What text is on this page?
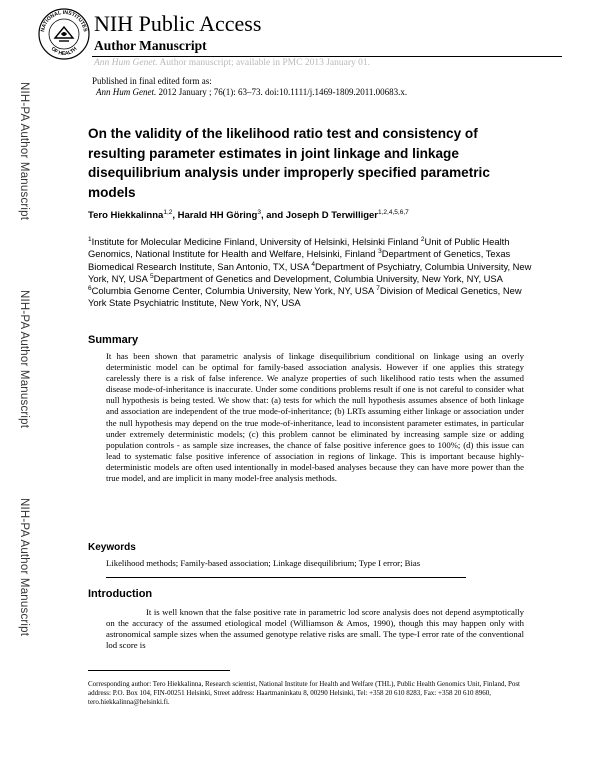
NATIONAL INSTITUTES
OF HEALTH
NIH Public Access
Author Manuscript
Ann Hum Genet. Author manuscript; available in PMC 2013 January 01.
Published in final edited form as:
Ann Hum Genet. 2012 January ; 76(1): 63–73. doi:10.1111/j.1469-1809.2011.00683.x.
NIH-PA Author Manuscript
NIH-PA Author Manuscript
NIH-PA Author Manuscript
On the validity of the likelihood ratio test and consistency of resulting parameter estimates in joint linkage and linkage disequilibrium analysis under improperly specified parametric models
Tero Hiekkalinna$^{1,2}$, Harald HH Göring$^3$, and Joseph D Terwilliger$^{1,2,4,5,6,7}$
$^1$Institute for Molecular Medicine Finland, University of Helsinki, Helsinki Finland $^2$Unit of Public Health Genomics, National Institute for Health and Welfare, Helsinki, Finland $^3$Department of Genetics, Texas Biomedical Research Institute, San Antonio, TX, USA $^4$Department of Psychiatry, Columbia University, New York, NY, USA $^5$Department of Genetics and Development, Columbia University, New York, NY, USA $^6$Columbia Genome Center, Columbia University, New York, NY, USA $^7$Division of Medical Genetics, New York State Psychiatric Institute, New York, NY, USA
Summary
It has been shown that parametric analysis of linkage disequilibrium conditional on linkage using an overly deterministic model can be optimal for family-based association analysis. However if one applies this strategy carelessly there is a risk of false inference. We analyze properties of such likelihood ratio tests when the assumed disease mode-of-inheritance is inaccurate. Under some conditions problems result if one is not careful to consider what null hypothesis is being tested. We show that: (a) tests for which the null hypothesis assumes absence of both linkage and association are independent of the true mode-of-inheritance; (b) LRTs assuming either linkage or association under the null hypothesis may depend on the true mode-of-inheritance, lead to inconsistent parameter estimates, in particular under extremely deterministic models; (c) this problem cannot be eliminated by increasing sample size or adding population controls - as sample size increases, the chance of false positive inference goes to 100%; (d) this issue can lead to systematic false positive inference of association in regions of linkage. This is important because highly-deterministic models are often used intentionally in model-based analyses because they can have more power than the true model, and are implicit in many model-free analysis methods.
Keywords
Likelihood methods; Family-based association; Linkage disequilibrium; Type I error; Bias
Introduction
It is well known that the false positive rate in parametric lod score analysis does not depend asymptotically on the accuracy of the assumed etiological model (Williamson & Amos, 1990), though this may happen only with astronomical sample sizes when the assumed genotype relative risks are small. The type-I error rate of the conventional lod score is
Corresponding author: Tero Hiekkalinna, Research scientist, National Institute for Health and Welfare (THL), Public Health Genomics Unit, Finland, Post address: P.O. Box 104, FIN-00251 Helsinki, Street address: Haartmaninkatu 8, 00290 Helsinki, Tel: +358 20 610 8283, Fax: +358 20 610 8960, tero.hiekkalinna@helsinki.fi.
